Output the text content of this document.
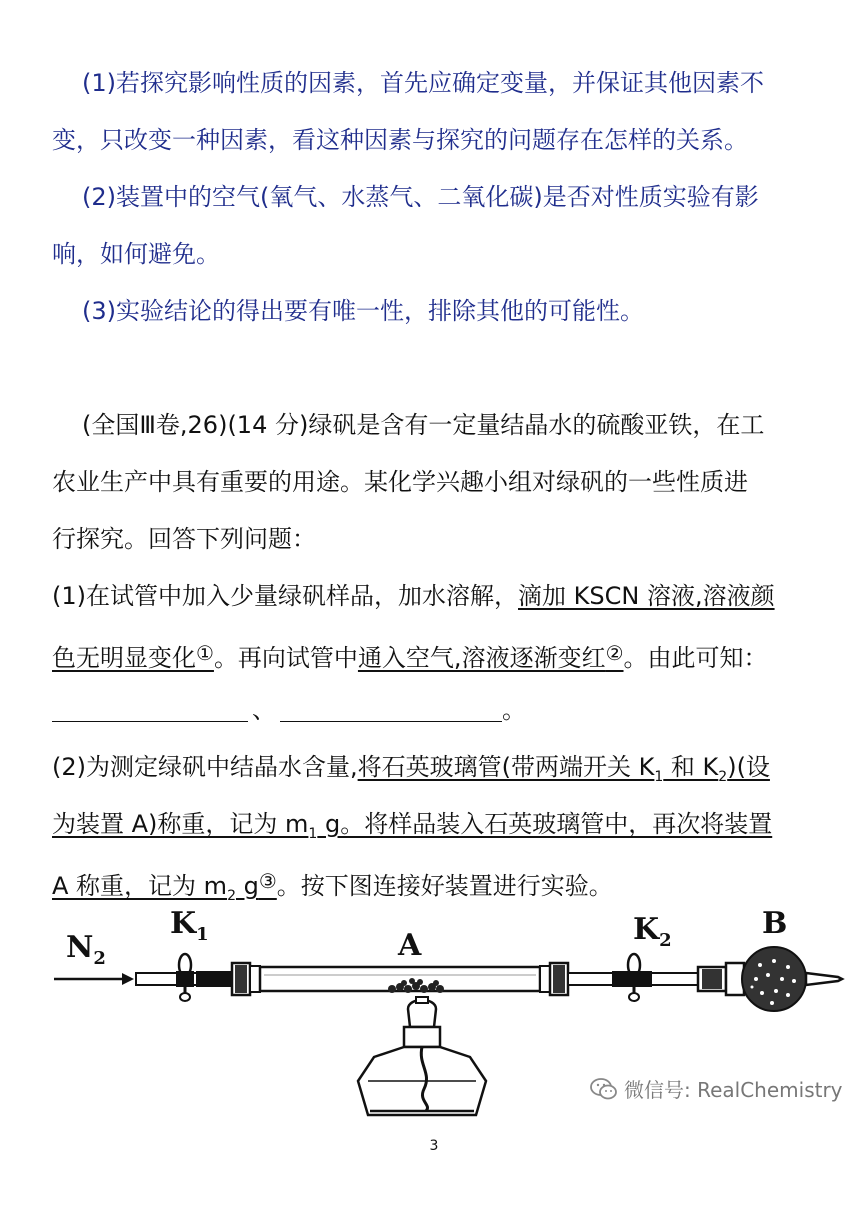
(1)若探究影响性质的因素，首先应确定变量，并保证其他因素不
变，只改变一种因素，看这种因素与探究的问题存在怎样的关系。
(2)装置中的空气(氧气、水蒸气、二氧化碳)是否对性质实验有影
响，如何避免。
(3)实验结论的得出要有唯一性，排除其他的可能性。
(全国Ⅲ卷,26)(14 分)绿矾是含有一定量结晶水的硫酸亚铁，在工
农业生产中具有重要的用途。某化学兴趣小组对绿矾的一些性质进
行探究。回答下列问题：
(1)在试管中加入少量绿矾样品，加水溶解，滴加 KSCN 溶液,溶液颜
色无明显变化①。再向试管中通入空气,溶液逐渐变红②。由此可知：
、	。
(2)为测定绿矾中结晶水含量,将石英玻璃管(带两端开关 $K_1$ 和 $K_2$)(设
为装置 A)称重，记为 $m_1$ g。将样品装入石英玻璃管中，再次将装置
A 称重，记为 $m_2$ g③。按下图连接好装置进行实验。
$N_2$
$K_1$	A	$K_2$	B
微信号: RealChemistry
3
